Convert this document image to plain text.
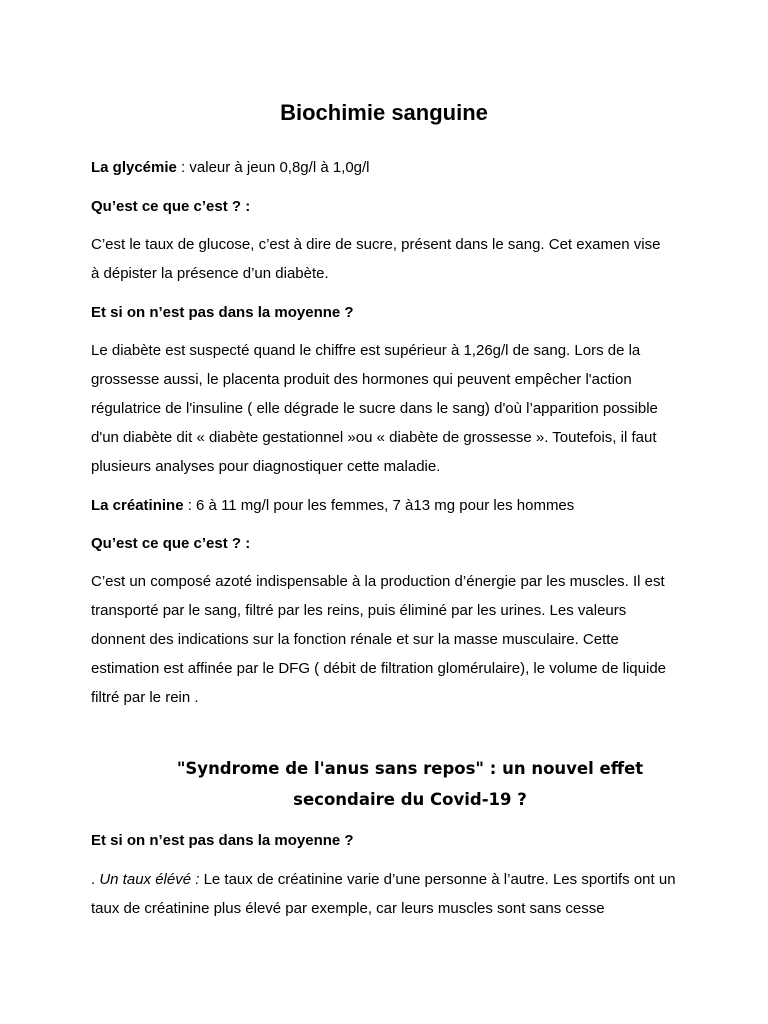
Biochimie sanguine

La glycémie : valeur à jeun 0,8g/l à 1,0g/l

Qu’est ce que c’est ? :

C’est le taux de glucose, c’est à dire de sucre, présent dans le sang. Cet examen vise à dépister la présence d’un diabète.

Et si on n’est pas dans la moyenne ?

Le diabète est suspecté quand le chiffre est supérieur à 1,26g/l de sang. Lors de la grossesse aussi, le placenta produit des hormones qui peuvent empêcher l'action régulatrice de l'insuline ( elle dégrade le sucre dans le sang) d'où l’apparition possible d'un diabète dit « diabète gestationnel »ou « diabète de grossesse ». Toutefois, il faut plusieurs analyses pour diagnostiquer cette maladie.

La créatinine : 6 à 11 mg/l pour les femmes, 7 à13 mg pour les hommes

Qu’est ce que c’est ? :

C’est un composé azoté indispensable à la production d’énergie par les muscles. Il est transporté par le sang, filtré par les reins, puis éliminé par les urines. Les valeurs donnent des indications sur la fonction rénale et sur la masse musculaire. Cette estimation est affinée par le DFG ( débit de filtration glomérulaire), le volume de liquide filtré par le rein .

"Syndrome de l'anus sans repos" : un nouvel effet secondaire du Covid-19 ?

Et si on n’est pas dans la moyenne ?

. Un taux élévé : Le taux de créatinine varie d’une personne à l’autre. Les sportifs ont un taux de créatinine plus élevé par exemple, car leurs muscles sont sans cesse
